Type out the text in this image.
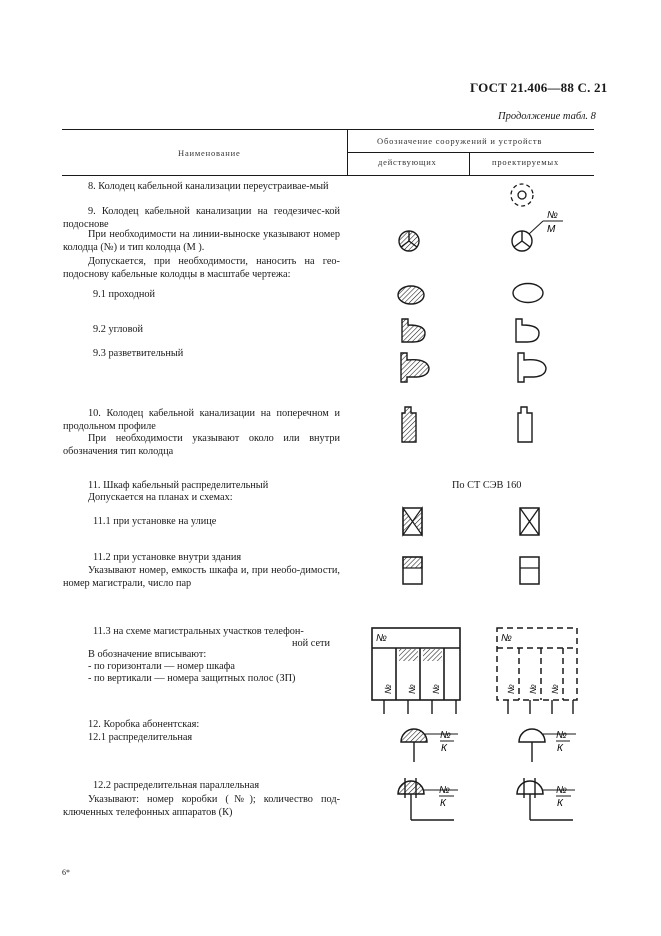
ГОСТ 21.406—88 С. 21
Продолжение табл. 8
Наименование
Обозначение сооружений и устройств
действующих	проектируемых
8. Колодец кабельной канализации переустраивае-мый
9. Колодец кабельной канализации на геодезичес-кой подоснове
При необходимости на линии-выноске указывают номер колодца (№) и тип колодца (М ).
Допускается, при необходимости, наносить на гео-подоснову кабельные колодцы в масштабе чертежа:
9.1 проходной
9.2 угловой
9.3 разветвительный
10. Колодец кабельной канализации на поперечном и продольном профиле
При необходимости указывают около или внутри обозначения тип колодца
11. Шкаф кабельный распределительный
Допускается на планах и схемах:
По СТ СЭВ 160
11.1 при установке на улице
11.2 при установке внутри здания
Указывают номер, емкость шкафа и, при необо-димости, номер магистрали, число пар
11.3 на схеме магистральных участков телефон-
ной сети
В обозначение вписывают:
- по горизонтали — номер шкафа
- по вертикали — номера защитных полос (ЗП)
12. Коробка абонентская:
12.1 распределительная
12.2 распределительная параллельная
Указывают: номер коробки (№); количество под-ключенных телефонных аппаратов (К)
№
М
№
№ № №
№
№ № №
№
К
№
К
№
К
№
К
6*
